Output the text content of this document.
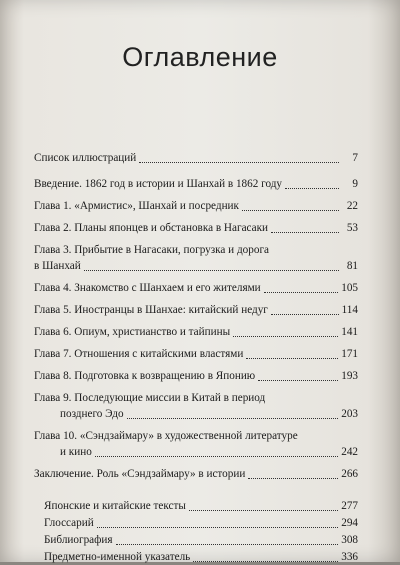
Оглавление
Список иллюстраций	7
Введение. 1862 год в истории и Шанхай в 1862 году	9
Глава 1. «Армистис», Шанхай и посредник	22
Глава 2. Планы японцев и обстановка в Нагасаки	53
Глава 3. Прибытие в Нагасаки, погрузка и дорога
в Шанхай	81
Глава 4. Знакомство с Шанхаем и его жителями	105
Глава 5. Иностранцы в Шанхае: китайский недуг	114
Глава 6. Опиум, христианство и тайпины	141
Глава 7. Отношения с китайскими властями	171
Глава 8. Подготовка к возвращению в Японию	193
Глава 9. Последующие миссии в Китай в период
позднего Эдо	203
Глава 10. «Сэндзаймару» в художественной литературе
и кино	242
Заключение. Роль «Сэндзаймару» в истории	266
Японские и китайские тексты	277
Глоссарий	294
Библиография	308
Предметно-именной указатель	336
